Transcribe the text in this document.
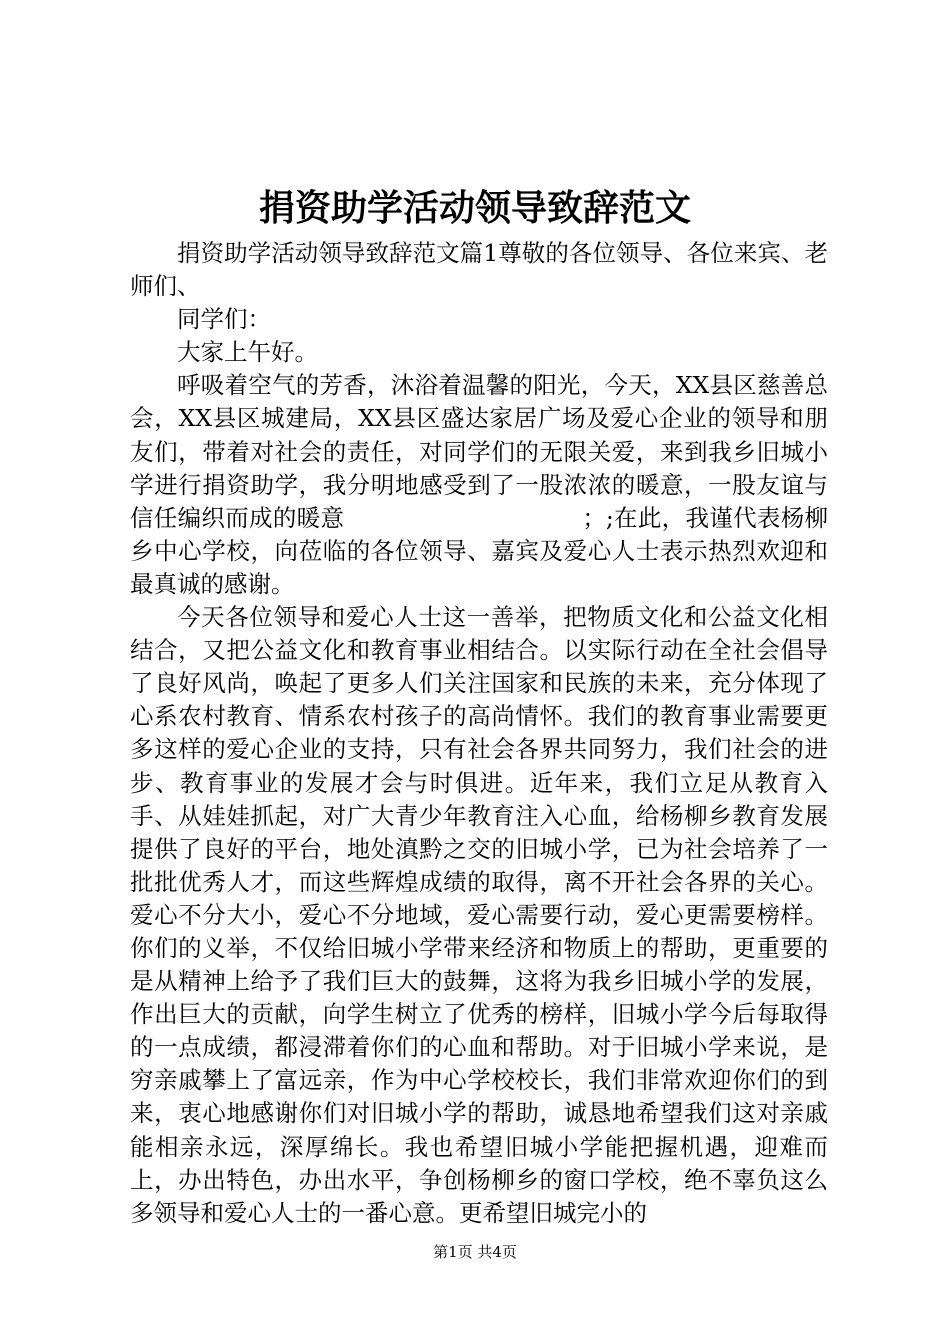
捐资助学活动领导致辞范文

捐资助学活动领导致辞范文篇1尊敬的各位领导、各位来宾、老师们、

同学们：

大家上午好。

呼吸着空气的芳香，沐浴着温馨的阳光，今天，XX县区慈善总会，XX县区城建局，XX县区盛达家居广场及爱心企业的领导和朋友们，带着对社会的责任，对同学们的无限关爱，来到我乡旧城小学进行捐资助学，我分明地感受到了一股浓浓的暖意，一股友谊与信任编织而成的暖意　　　　　　　　　　；;在此，我谨代表杨柳乡中心学校，向莅临的各位领导、嘉宾及爱心人士表示热烈欢迎和最真诚的感谢。

今天各位领导和爱心人士这一善举，把物质文化和公益文化相结合，又把公益文化和教育事业相结合。以实际行动在全社会倡导了良好风尚，唤起了更多人们关注国家和民族的未来，充分体现了心系农村教育、情系农村孩子的高尚情怀。我们的教育事业需要更多这样的爱心企业的支持，只有社会各界共同努力，我们社会的进步、教育事业的发展才会与时俱进。近年来，我们立足从教育入手、从娃娃抓起，对广大青少年教育注入心血，给杨柳乡教育发展提供了良好的平台，地处滇黔之交的旧城小学，已为社会培养了一批批优秀人才，而这些辉煌成绩的取得，离不开社会各界的关心。爱心不分大小，爱心不分地域，爱心需要行动，爱心更需要榜样。你们的义举，不仅给旧城小学带来经济和物质上的帮助，更重要的是从精神上给予了我们巨大的鼓舞，这将为我乡旧城小学的发展，作出巨大的贡献，向学生树立了优秀的榜样，旧城小学今后每取得的一点成绩，都浸滞着你们的心血和帮助。对于旧城小学来说，是穷亲戚攀上了富远亲，作为中心学校校长，我们非常欢迎你们的到来，衷心地感谢你们对旧城小学的帮助，诚恳地希望我们这对亲戚能相亲永远，深厚绵长。我也希望旧城小学能把握机遇，迎难而上，办出特色，办出水平，争创杨柳乡的窗口学校，绝不辜负这么多领导和爱心人士的一番心意。更希望旧城完小的

第1页 共4页
